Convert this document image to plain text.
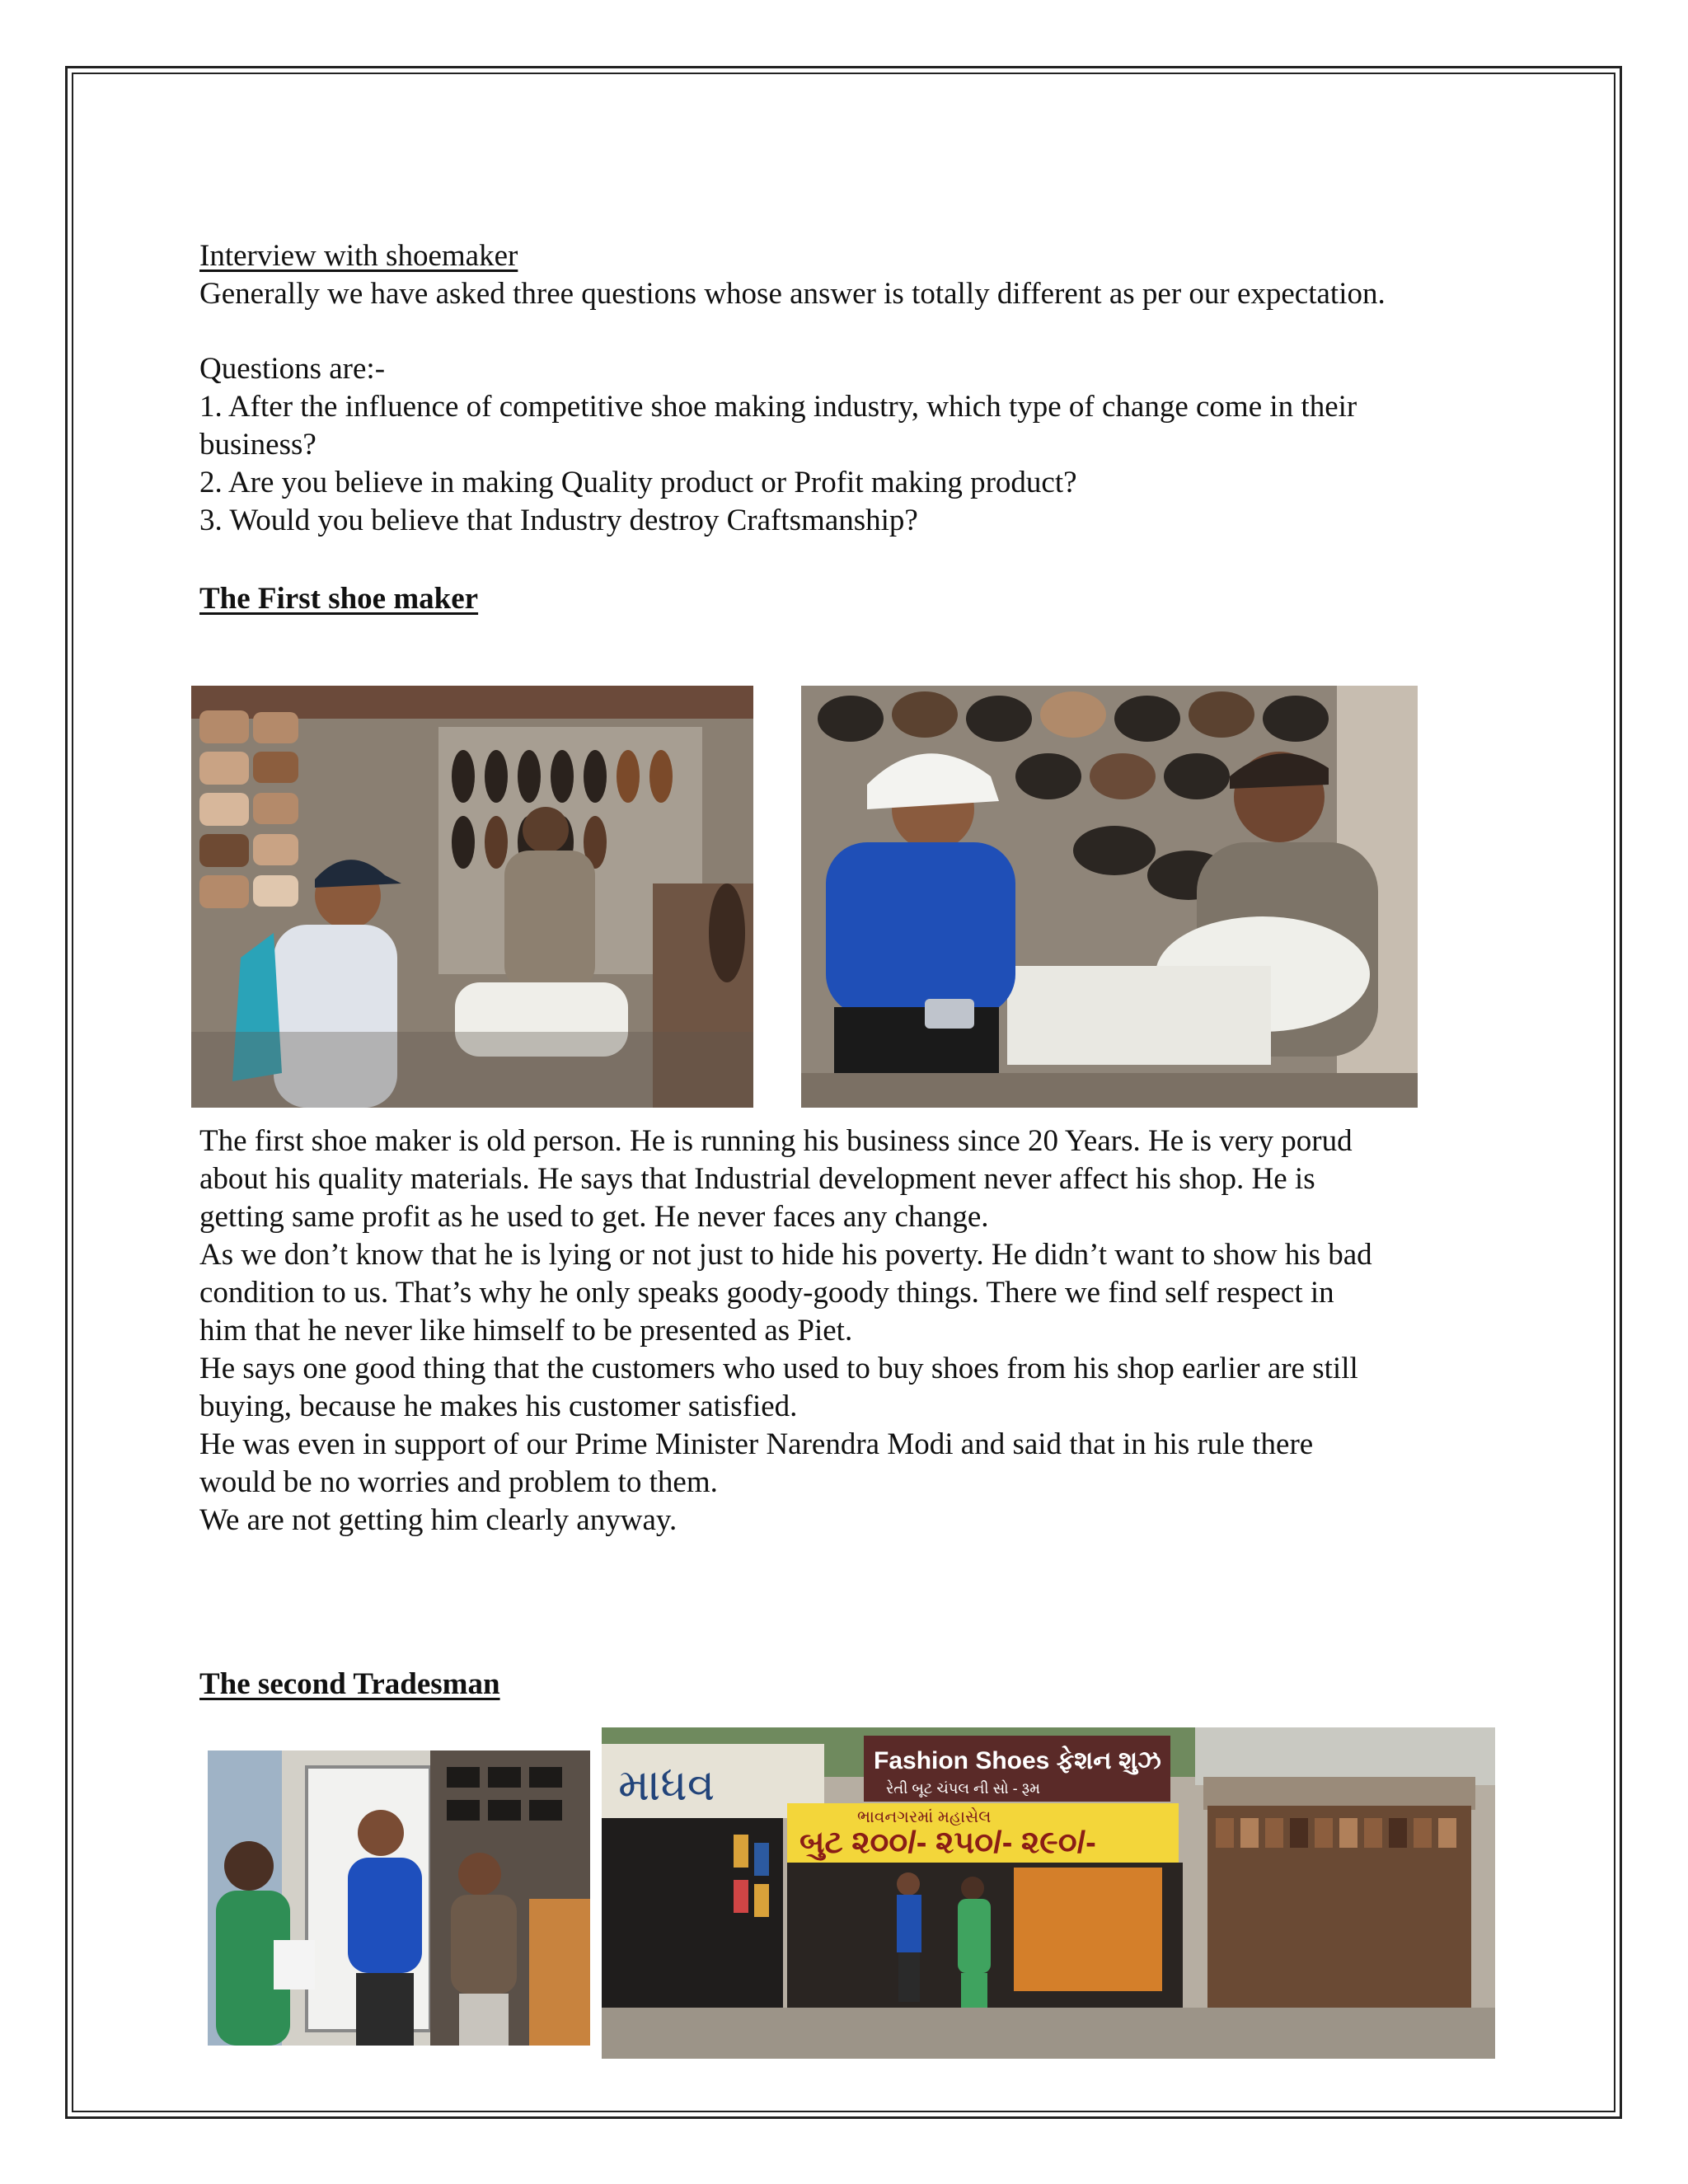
Interview with shoemaker
Generally we have asked three questions whose answer is totally different as per our expectation.
Questions are:-
1. After the influence of competitive shoe making industry, which type of change come in their
business?
2. Are you believe in making Quality product or Profit making product?
3. Would you believe that Industry destroy Craftsmanship?
The First shoe maker
The first shoe maker is old person. He is running his business since 20 Years. He is very porud
about his quality materials. He says that Industrial development never affect his shop. He is
getting same profit as he used to get. He never faces any change.
As we don’t know that he is lying or not just to hide his poverty. He didn’t want to show his bad
condition to us. That’s why he only speaks goody-goody things. There we find self respect in
him that he never like himself to be presented as Piet.
He says one good thing that the customers who used to buy shoes from his shop earlier are still
buying, because he makes his customer satisfied.
He was even in support of our Prime Minister Narendra Modi and said that in his rule there
would be no worries and problem to them.
We are not getting him clearly anyway.
The second Tradesman
માધવ	Fashion Shoes ફેશન શુઝ
રેતી બૂટ ચંપલ ની સો - રૂમ
ભાવનગરમાં મહાસેલ
બુટ ૨૦૦/- ૨૫૦/- ૨૯૦/-
